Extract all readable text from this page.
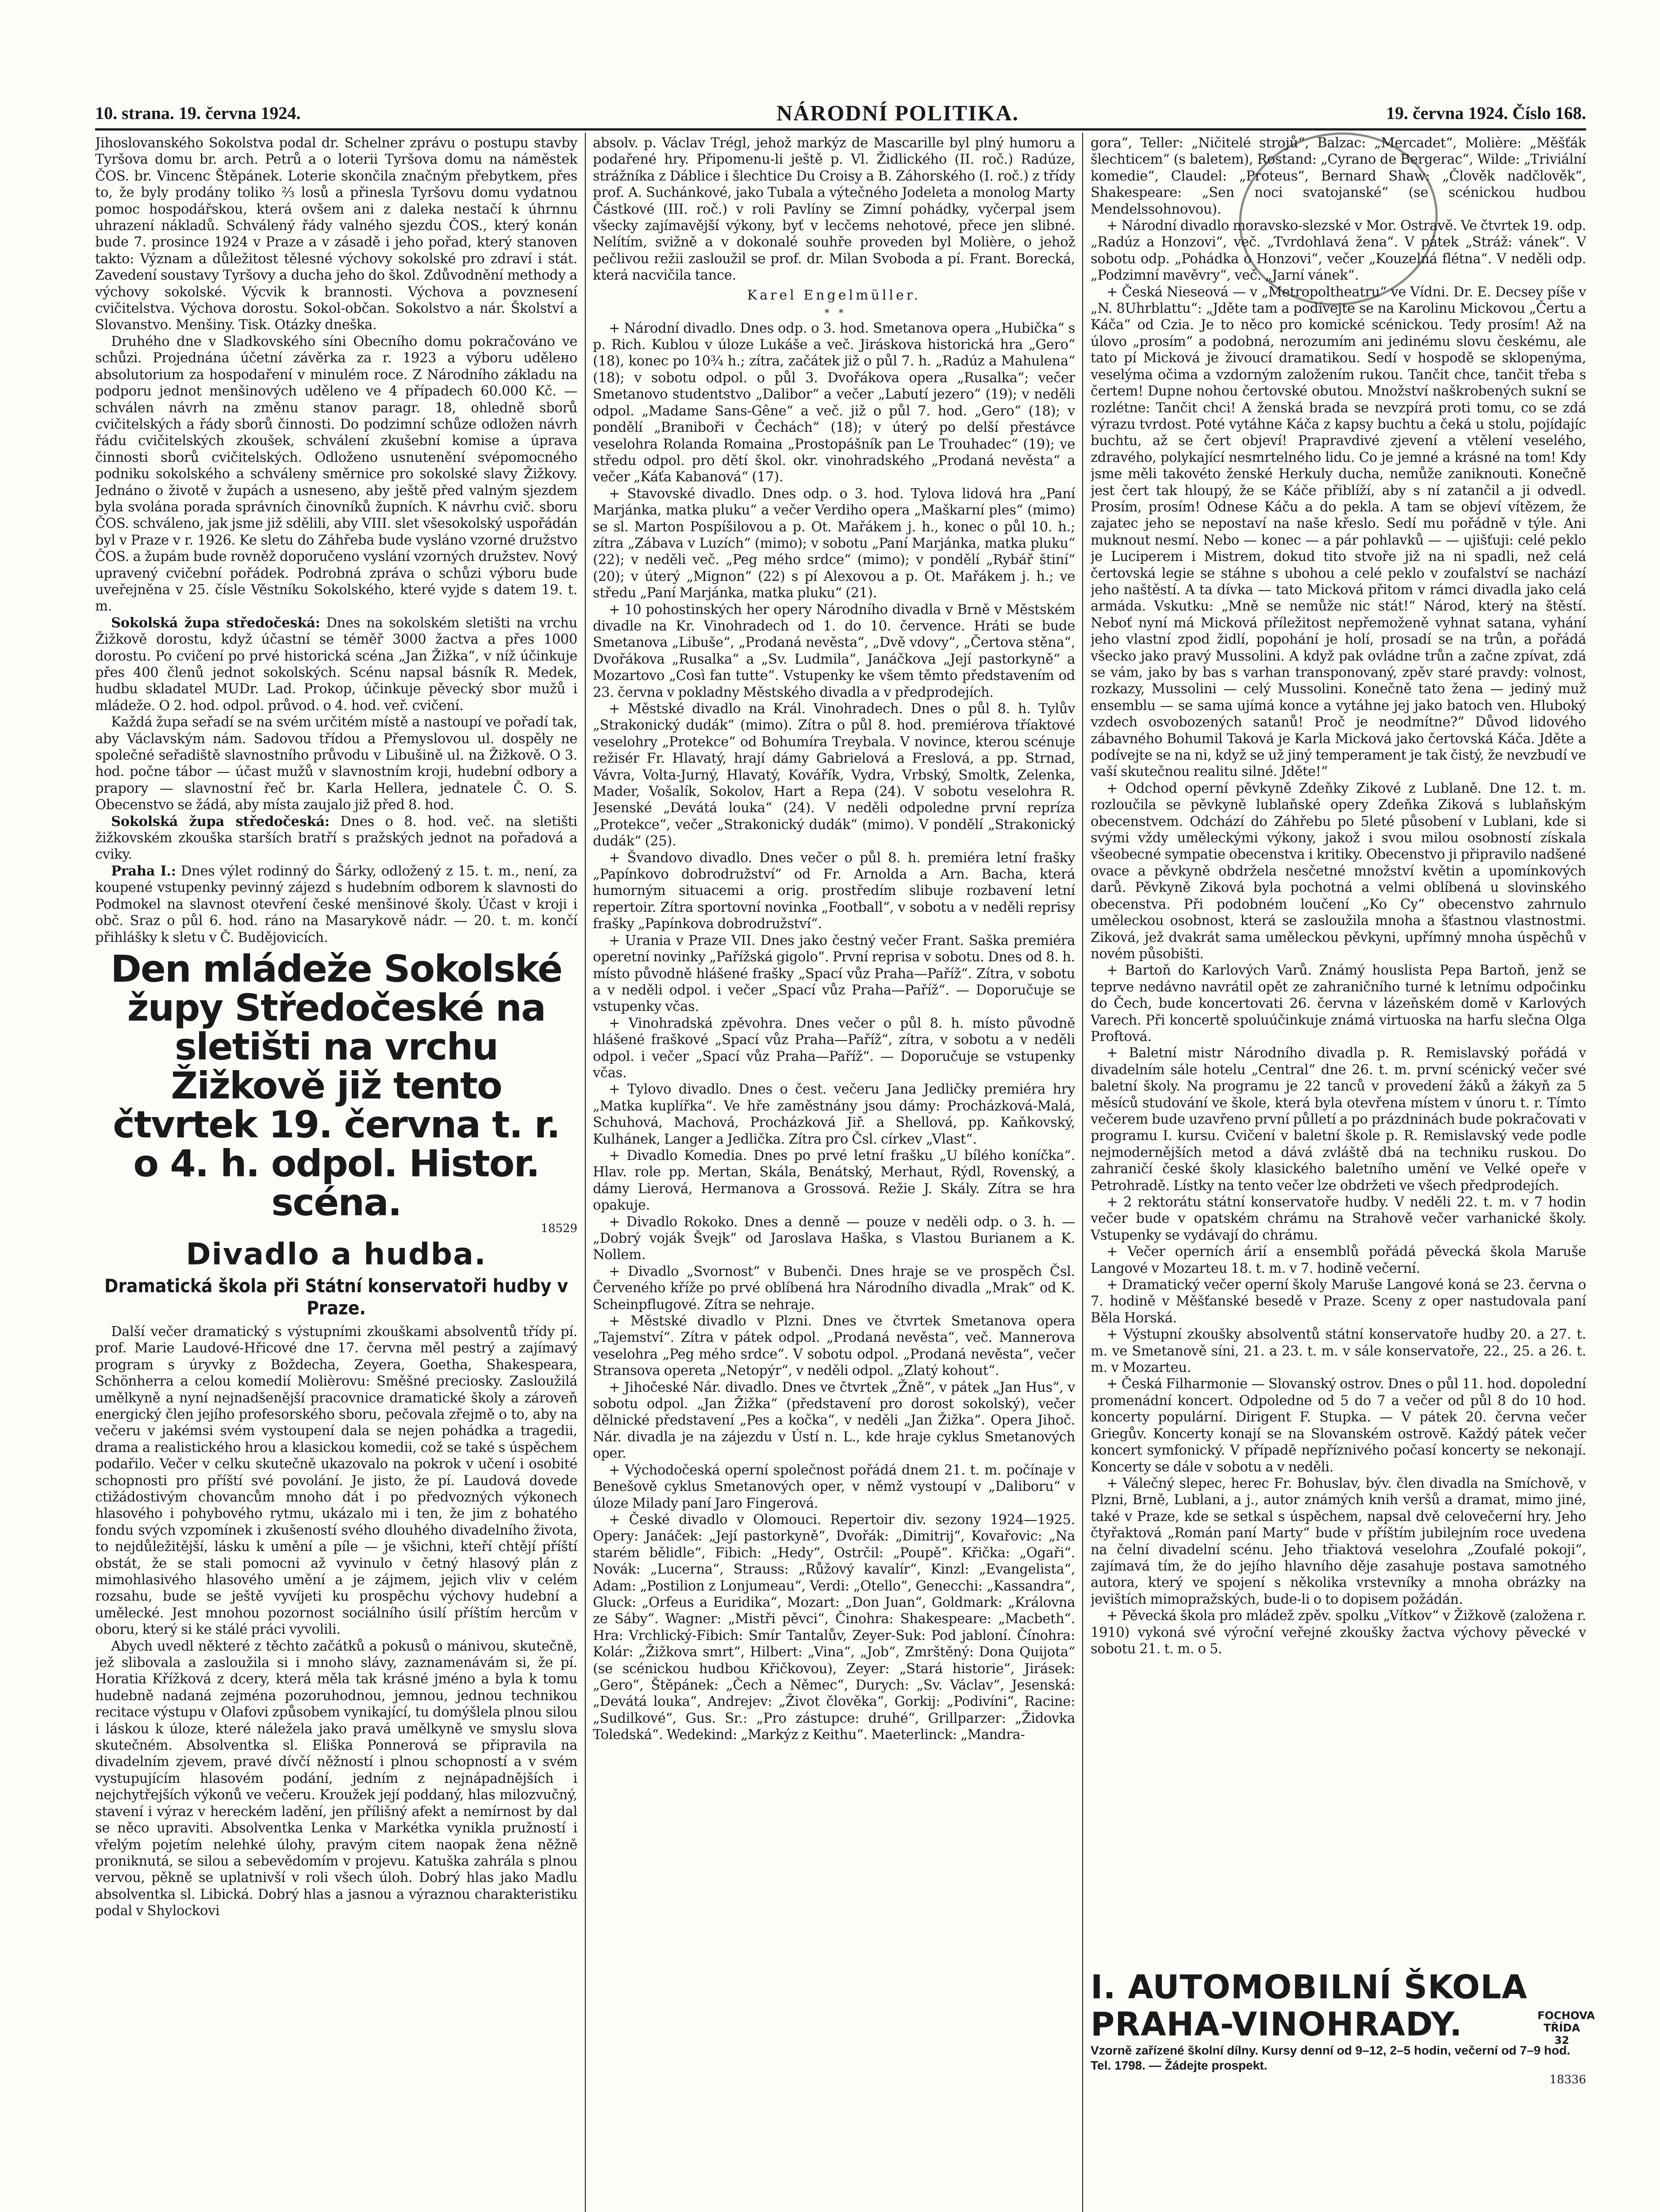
10. strana. 19. června 1924.	NÁRODNÍ POLITIKA.	19. června 1924. Číslo 168.

Jihoslovanského Sokolstva podal dr. Schelner zprávu o postupu stavby Tyršova domu br. arch. Petrů a o loterii Tyršova domu na náměstek ČOS. br. Vincenc Štěpánek. Loterie skončila značným přebytkem, přes to, že byly prodány toliko ⅔ losů a přinesla Tyršovu domu vydatnou pomoc hospodářskou, která ovšem ani z daleka nestačí k úhrnnu uhrazení nákladů. Schválený řády valného sjezdu ČOS., který konán bude 7. prosince 1924 v Praze a v zásadě i jeho pořad, který stanoven takto: Význam a důležitost tělesné výchovy sokolské pro zdraví i stát. Zavedení soustavy Tyršovy a ducha jeho do škol. Zdůvodnění methody a výchovy sokolské. Výcvik k brannosti. Výchova a povznesení cvičitelstva. Výchova dorostu. Sokol-občan. Sokolstvo a nár. Školství a Slovanstvo. Menšiny. Tisk. Otázky dneška.

Druhého dne v Sladkovského síni Obecního domu pokračováno ve schůzi. Projednána účetní závěrka za r. 1923 a výboru udělено absolutorium za hospodaření v minulém roce. Z Národního základu na podporu jednot menšinových uděleno ve 4 případech 60.000 Kč. — schválen návrh na změnu stanov paragr. 18, ohledně sborů cvičitelských a řády sborů činnosti. Do podzimní schůze odložen návrh řádu cvičitelských zkoušek, schválení zkušební komise a úprava činnosti sborů cvičitelských. Odloženo usnutenění svépomocného podniku sokolského a schváleny směrnice pro sokolské slavy Žižkovy. Jednáno o životě v župách a usneseno, aby ještě před valným sjezdem byla svolána porada správních činovníků župních. K návrhu cvič. sboru ČOS. schváleno, jak jsme již sdělili, aby VIII. slet všesokolský uspořádán byl v Praze v r. 1926. Ke sletu do Záhřeba bude vysláno vzorné družstvo ČOS. a župám bude rovněž doporučeno vyslání vzorných družstev. Nový upravený cvičební pořádek. Podrobná zpráva o schůzi výboru bude uveřejněna v 25. čísle Věstníku Sokolského, které vyjde s datem 19. t. m.

Sokolská župa středočeská: Dnes na sokolském sletišti na vrchu Žižkově dorostu, když účastní se téměř 3000 žactva a přes 1000 dorostu. Po cvičení po prvé historická scéna „Jan Žižka“, v níž účinkuje přes 400 členů jednot sokolských. Scénu napsal básník R. Medek, hudbu skladatel MUDr. Lad. Prokop, účinkuje pěvecký sbor mužů i mládeže. O 2. hod. odpol. průvod. o 4. hod. veř. cvičení.

Každá župa seřadí se na svém určitém místě a nastoupí ve pořadí tak, aby Václavským nám. Sadovou třídou a Přemyslovou ul. dospěly ne společné seřadiště slavnostního průvodu v Libušině ul. na Žižkově. O 3. hod. počne tábor — účast mužů v slavnostním kroji, hudební odbory a prapory — slavnostní řeč br. Karla Hellera, jednatele Č. O. S. Obecenstvo se žádá, aby místa zaujalo již před 8. hod.

Sokolská župa středočeská: Dnes o 8. hod. več. na sletišti žižkovském zkouška starších bratří s pražských jednot na pořadová a cviky.

Praha I.: Dnes výlet rodinný do Šárky, odložený z 15. t. m., není, za koupené vstupenky pevinný zájezd s hudebním odborem k slavnosti do Podmokel na slavnost otevření české menšinové školy. Účast v kroji i obč. Sraz o půl 6. hod. ráno na Masarykově nádr. — 20. t. m. končí přihlášky k sletu v Č. Budějovicích.

Den mládeže Sokolské župy Středočeské na sletišti na vrchu Žižkově již tento čtvrtek 19. června t. r. o 4. h. odpol. Histor. scéna.
18529
Divadlo a hudba.
Dramatická škola při Státní konservatoři hudby v Praze.

Další večer dramatický s výstupními zkouškami absolventů třídy pí. prof. Marie Laudové-Hřicové dne 17. června měl pestrý a zajímavý program s úryvky z Boždecha, Zeyera, Goetha, Shakespeara, Schönherra a celou komedií Molièrovu: Směšné preciosky. Zasloužilá umělkyně a nyní nejnadšenější pracovnice dramatické školy a zároveň energický člen jejího profesorského sboru, pečovala zřejmě o to, aby na večeru v jakémsi svém vystoupení dala se nejen pohádka a tragedii, drama a realistického hrou a klasickou komedii, což se také s úspěchem podařilo. Večer v celku skutečně ukazovalo na pokrok v učení i osobité schopnosti pro příští své povolání. Je jisto, že pí. Laudová dovede ctižádostivým chovancům mnoho dát i po předvozných výkonech hlasového i pohybového rytmu, ukázalo mi i ten, že jim z bohatého fondu svých vzpomínek i zkušeností svého dlouhého divadelního života, to nejdůležitější, lásku k umění a píle — je všichni, kteří chtějí příští obstát, že se stali pomocni až vyvinulo v četný hlasový plán z mimohlasivého hlasového umění a je zájmem, jejich vliv v celém rozsahu, bude se ještě vyvíjeti ku prospěchu výchovy hudební a umělecké. Jest mnohou pozornost sociálního úsilí příštím hercům v oboru, který si ke stálé práci vyvolili.

Abych uvedl některé z těchto začátků a pokusů o mánivou, skutečně, jež slibovala a zasloužila si i mnoho slávy, zaznamenávám si, že pí. Horatia Křížková z dcery, která měla tak krásné jméno a byla k tomu hudebně nadaná zejména pozoruhodnou, jemnou, jednou technikou recitace výstupu v Olafovi způsobem vynikající, tu domýšlela plnou silou i láskou k úloze, které náležela jako pravá umělkyně ve smyslu slova skutečném. Absolventka sl. Eliška Ponnerová se připravila na divadelním zjevem, pravé dívčí něžností i plnou schopností a v svém vystupujícím hlasovém podání, jedním z nejnápadnějších i nejchytřejších výkonů ve večeru. Kroužek její poddaný, hlas milozvučný, stavení i výraz v hereckém ladění, jen přílišný afekt a nemírnost by dal se něco upraviti. Absolventka Lenka v Markétka vynikla pružností i vřelým pojetím nelehké úlohy, pravým citem naopak žena něžně proniknutá, se silou a sebevědomím v projevu. Katuška zahrála s plnou vervou, pěkně se uplatnivší v roli všech úloh. Dobrý hlas jako Madlu absolventka sl. Libická. Dobrý hlas a jasnou a výraznou charakteristiku podal v Shylockovi

absolv. p. Václav Trégl, jehož markýz de Mascarille byl plný humoru a podařené hry. Připomenu-li ještě p. Vl. Židlického (II. roč.) Radúze, strážníka z Dáblice i šlechtice Du Croisy a B. Záhorského (I. roč.) z třídy prof. A. Suchánkové, jako Tubala a výtečného Jodeleta a monolog Marty Částkové (III. roč.) v roli Pavlíny se Zimní pohádky, vyčerpal jsem všecky zajímavější výkony, byť v lecčems nehotové, přece jen slibné. Nelítím, svižně a v dokonalé souhře proveden byl Molière, o jehož pečlivou režii zasloužil se prof. dr. Milan Svoboda a pí. Frant. Borecká, která nacvičila tance.

Karel Engelmüller.
*   *

+ Národní divadlo. Dnes odp. o 3. hod. Smetanova opera „Hubička“ s p. Rich. Kublou v úloze Lukáše a več. Jiráskova historická hra „Gero“ (18), konec po 10¾ h.; zítra, začátek již o půl 7. h. „Radúz a Mahulena“ (18); v sobotu odpol. o půl 3. Dvořákova opera „Rusalka“; večer Smetanovo studentstvo „Dalibor“ a večer „Labutí jezero“ (19); v neděli odpol. „Madame Sans-Gêne“ a več. již o půl 7. hod. „Gero“ (18); v pondělí „Braniboři v Čechách“ (18); v úterý po delší přestávce veselohra Rolanda Romaina „Prostopášník pan Le Trouhadec“ (19); ve středu odpol. pro dětí škol. okr. vinohradského „Prodaná nevěsta“ a večer „Káťa Kabanová“ (17).

+ Stavovské divadlo. Dnes odp. o 3. hod. Tylova lidová hra „Paní Marjánka, matka pluku“ a večer Verdiho opera „Maškarní ples“ (mimo) se sl. Marton Pospíšilovou a p. Ot. Mařákem j. h., konec o půl 10. h.; zítra „Zábava v Luzích“ (mimo); v sobotu „Paní Marjánka, matka pluku“ (22); v neděli več. „Peg mého srdce“ (mimo); v pondělí „Rybář štiní“ (20); v úterý „Mignon“ (22) s pí Alexovou a p. Ot. Mařákem j. h.; ve středu „Paní Marjánka, matka pluku“ (21).

+ 10 pohostinských her opery Národního divadla v Brně v Městském divadle na Kr. Vinohradech od 1. do 10. července. Hráti se bude Smetanova „Libuše“, „Prodaná nevěsta“, „Dvě vdovy“, „Čertova stěna“, Dvořákova „Rusalka“ a „Sv. Ludmila“, Janáčkova „Její pastorkyně“ a Mozartovo „Così fan tutte“. Vstupenky ke všem těmto představením od 23. června v pokladny Městského divadla a v předprodejích.

+ Městské divadlo na Král. Vinohradech. Dnes o půl 8. h. Tylův „Strakonický dudák“ (mimo). Zítra o půl 8. hod. premiérova tříaktové veselohry „Protekce“ od Bohumíra Treybala. V novince, kterou scénuje režisér Fr. Hlavatý, hrají dámy Gabrielová a Freslová, a pp. Strnad, Vávra, Volta-Jurný, Hlavatý, Kovářík, Vydra, Vrbský, Smoltk, Zelenka, Mader, Vošalík, Sokolov, Hart a Repa (24). V sobotu veselohra R. Jesenské „Devátá louka“ (24). V neděli odpoledne první repríza „Protekce“, večer „Strakonický dudák“ (mimo). V pondělí „Strakonický dudák“ (25).

+ Švandovo divadlo. Dnes večer o půl 8. h. premiéra letní frašky „Papínkovo dobrodružství“ od Fr. Arnolda a Arn. Bacha, která humorným situacemi a orig. prostředím slibuje rozbavení letní repertoir. Zítra sportovní novinka „Football“, v sobotu a v neděli reprisy frašky „Papínkova dobrodružství“.

+ Urania v Praze VII. Dnes jako čestný večer Frant. Saška premiéra operetní novinky „Pařížská gigolo“. První reprisa v sobotu. Dnes od 8. h. místo původně hlášené frašky „Spací vůz Praha—Paříž“. Zítra, v sobotu a v neděli odpol. i večer „Spací vůz Praha—Paříž“. — Doporučuje se vstupenky včas.

+ Vinohradská zpěvohra. Dnes večer o půl 8. h. místo původně hlášené fraškové „Spací vůz Praha—Paříž“, zítra, v sobotu a v neděli odpol. i večer „Spací vůz Praha—Paříž“. — Doporučuje se vstupenky včas.

+ Tylovo divadlo. Dnes o čest. večeru Jana Jedličky premiéra hry „Matka kuplířka“. Ve hře zaměstnány jsou dámy: Procházková-Malá, Schuhová, Machová, Procházková Jiř. a Shellová, pp. Kaňkovský, Kulhánek, Langer a Jedlička. Zítra pro Čsl. církev „Vlast“.

+ Divadlo Komedia. Dnes po prvé letní frašku „U bílého koníčka“. Hlav. role pp. Mertan, Skála, Benátský, Merhaut, Rýdl, Rovenský, a dámy Lierová, Hermanova a Grossová. Režie J. Skály. Zítra se hra opakuje.

+ Divadlo Rokoko. Dnes a denně — pouze v neděli odp. o 3. h. — „Dobrý voják Švejk“ od Jaroslava Haška, s Vlastou Burianem a K. Nollem.

+ Divadlo „Svornost“ v Bubenči. Dnes hraje se ve prospěch Čsl. Červeného kříže po prvé oblíbená hra Národního divadla „Mrak“ od K. Scheinpflugové. Zítra se nehraje.

+ Městské divadlo v Plzni. Dnes ve čtvrtek Smetanova opera „Tajemství“. Zítra v pátek odpol. „Prodaná nevěsta“, več. Mannerova veselohra „Peg mého srdce“. V sobotu odpol. „Prodaná nevěsta“, večer Stransova opereta „Netopýr“, v neděli odpol. „Zlatý kohout“.

+ Jihočeské Nár. divadlo. Dnes ve čtvrtek „Žně“, v pátek „Jan Hus“, v sobotu odpol. „Jan Žižka“ (představení pro dorost sokolský), večer dělnické představení „Pes a kočka“, v neděli „Jan Žižka“. Opera Jihoč. Nár. divadla je na zájezdu v Ústí n. L., kde hraje cyklus Smetanových oper.

+ Východočeská operní společnost pořádá dnem 21. t. m. počínaje v Benešově cyklus Smetanových oper, v němž vystoupí v „Daliboru“ v úloze Milady paní Jaro Fingerová.

+ České divadlo v Olomouci. Repertoir div. sezony 1924—1925. Opery: Janáček: „Její pastorkyně“, Dvořák: „Dimitrij“, Kovařovic: „Na starém bělidle“, Fibich: „Hedy“, Ostrčil: „Poupě“. Křička: „Ogaři“. Novák: „Lucerna“, Strauss: „Růžový kavalír“, Kinzl: „Evangelista“, Adam: „Postilion z Lonjumeau“, Verdi: „Otello“, Genecchi: „Kassandra“, Gluck: „Orfeus a Euridika“, Mozart: „Don Juan“, Goldmark: „Královna ze Sáby“. Wagner: „Mistři pěvci“, Činohra: Shakespeare: „Macbeth“. Hra: Vrchlický-Fibich: Smír Tantalův, Zeyer-Suk: Pod jabloní. Čínohra: Kolár: „Žižkova smrt“, Hilbert: „Vina“, „Job“, Zmrštěný: Dona Quijota“ (se scénickou hudbou Křičkovou), Zeyer: „Stará historie“, Jirásek: „Gero“, Štěpánek: „Čech a Němec“, Durych: „Sv. Václav“, Jesenská: „Devátá louka“, Andrejev: „Život člověka“, Gorkij: „Podivíni“, Racine: „Sudilkové“, Gus. Sr.: „Pro zástupce: druhé“, Grillparzer: „Židovka Toledská“. Wedekind: „Markýz z Keithu“. Maeterlinck: „Mandra-

gora“, Teller: „Ničitelé strojů“, Balzac: „Mercadet“, Molière: „Měšťák šlechticem“ (s baletem), Rostand: „Cyrano de Bergerac“, Wilde: „Triviální komedie“, Claudel: „Proteus“, Bernard Shaw: „Člověk nadčlověk“, Shakespeare: „Sen noci svatojanské“ (se scénickou hudbou Mendelssohnovou).

+ Národní divadlo moravsko-slezské v Mor. Ostravě. Ve čtvrtek 19. odp. „Radúz a Honzovi“, več. „Tvrdohlavá žena“. V pátek „Stráž: vánek“. V sobotu odp. „Pohádka o Honzovi“, večer „Kouzelná flétna“. V neděli odp. „Podzimní mavěvry“, več. „Jarní vánek“.

+ Česká Nieseová — v „Metropoltheatru“ ve Vídni. Dr. E. Decsey píše v „N. 8Uhrblattu“: „Jděte tam a podívejte se na Karolinu Mickovou „Čertu a Káča“ od Czia. Je to něco pro komické scénickou. Tedy prosím! Až na úlovo „prosím“ a podobná, nerozumím ani jedinému slovu českému, ale tato pí Micková je živoucí dramatikou. Sedí v hospodě se sklopenýma, veselýma očima a vzdorným založením rukou. Tančit chce, tančit třeba s čertem! Dupne nohou čertovské obutou. Množství naškrobených sukní se rozlétne: Tančit chci! A ženská brada se nevzpírá proti tomu, co se zdá výrazu tvrdost. Poté vytáhne Káča z kapsy buchtu a čeká u stolu, pojídajíc buchtu, až se čert objeví! Prapravdivé zjevení a vtělení veselého, zdravého, polykající nesmrtelného lidu. Co je jemné a krásné na tom! Kdy jsme měli takovéto ženské Herkuly ducha, nemůže zaniknouti. Konečně jest čert tak hloupý, že se Káče přiblíží, aby s ní zatančil a ji odvedl. Prosím, prosím! Odnese Káču a do pekla. A tam se objeví vítězem, že zajatec jeho se nepostaví na naše křeslo. Sedí mu pořádně v týle. Ani muknout nesmí. Nebo — konec — a pár pohlavků — — ujišťuji: celé peklo je Luciperem i Mistrem, dokud tito stvoře již na ni spadli, než celá čertovská legie se stáhne s ubohou a celé peklo v zoufalství se nachází jeho naštěstí. A ta dívka — tato Micková přitom v rámci divadla jako celá armáda. Vskutku: „Mně se nemůže nic stát!“ Národ, který na štěstí. Neboť nyní má Micková příležitost nepřemoženě vyhnat satana, vyhání jeho vlastní zpod židlí, popohání je holí, prosadí se na trůn, a pořádá všecko jako pravý Mussolini. A když pak ovládne trůn a začne zpívat, zdá se vám, jako by bas s varhan transponovaný, zpěv staré pravdy: volnost, rozkazy, Mussolini — celý Mussolini. Konečně tato žena — jediný muž ensemblu — se sama ujímá konce a vytáhne jej jako batoch ven. Hluboký vzdech osvobozených satanů! Proč je neodmítne?“ Důvod lidového zábavného Bohumil Taková je Karla Micková jako čertovská Káča. Jděte a podívejte se na ni, když se už jiný temperament je tak čistý, že nevzbudí ve vaší skutečnou realitu silné. Jděte!“

+ Odchod operní pěvkyně Zdeňky Zikové z Lublaně. Dne 12. t. m. rozloučila se pěvkyně lublaňské opery Zdeňka Ziková s lublaňským obecenstvem. Odchází do Záhřebu po 5leté působení v Lublani, kde si svými vždy uměleckými výkony, jakož i svou milou osobností získala všeobecné sympatie obecenstva i kritiky. Obecenstvo ji připravilo nadšené ovace a pěvkyně obdržela nesčetné množství květin a upomínkových darů. Pěvkyně Ziková byla pochotná a velmi oblíbená u slovinského obecenstva. Při podobném loučení „Ko Cy“ obecenstvo zahrnulo uměleckou osobnost, která se zasloužila mnoha a šťastnou vlastnostmi. Ziková, jež dvakrát sama uměleckou pěvkyni, upřímný mnoha úspěchů v novém působišti.

+ Bartoň do Karlových Varů. Známý houslista Pepa Bartoň, jenž se teprve nedávno navrátil opět ze zahraničního turné k letnímu odpočinku do Čech, bude koncertovati 26. června v lázeňském domě v Karlových Varech. Při koncertě spoluúčinkuje známá virtuoska na harfu slečna Olga Proftová.

+ Baletní mistr Národního divadla p. R. Remislavský pořádá v divadelním sále hotelu „Central“ dne 26. t. m. první scénický večer své baletní školy. Na programu je 22 tanců v provedení žáků a žákyň za 5 měsíců studování ve škole, která byla otevřena místem v únoru t. r. Tímto večerem bude uzavřeno první půlletí a po prázdninách bude pokračovati v programu I. kursu. Cvičení v baletní škole p. R. Remislavský vede podle nejmodernějších metod a dává zvláště dbá na techniku ruskou. Do zahraničí české školy klasického baletního umění ve Velké opeře v Petrohradě. Lístky na tento večer lze obdržeti ve všech předprodejích.

+ 2 rektorátu státní konservatoře hudby. V neděli 22. t. m. v 7 hodin večer bude v opatském chrámu na Strahově večer varhanické školy. Vstupenky se vydávají do chrámu.

+ Večer operních árií a ensemblů pořádá pěvecká škola Maruše Langové v Mozarteu 18. t. m. v 7. hodině večerní.

+ Dramatický večer operní školy Maruše Langové koná se 23. června o 7. hodině v Měšťanské besedě v Praze. Sceny z oper nastudovala paní Běla Horská.

+ Výstupní zkoušky absolventů státní konservatoře hudby 20. a 27. t. m. ve Smetanově síni, 21. a 23. t. m. v sále konservatoře, 22., 25. a 26. t. m. v Mozarteu.

+ Česká Filharmonie — Slovanský ostrov. Dnes o půl 11. hod. dopolední promenádní koncert. Odpoledne od 5 do 7 a večer od půl 8 do 10 hod. koncerty populární. Dirigent F. Stupka. — V pátek 20. června večer Griegův. Koncerty konají se na Slovanském ostrově. Každý pátek večer koncert symfonický. V případě nepříznivého počasí koncerty se nekonají. Koncerty se dále v sobotu a v neděli.

+ Válečný slepec, herec Fr. Bohuslav, býv. člen divadla na Smíchově, v Plzni, Brně, Lublani, a j., autor známých knih veršů a dramat, mimo jiné, také v Praze, kde se setkal s úspěchem, napsal dvě celovečerní hry. Jeho čtyřaktová „Román paní Marty“ bude v příštím jubilejním roce uvedena na čelní divadelní scénu. Jeho třiaktová veselohra „Zoufalé pokoji“, zajímavá tím, že do jejího hlavního děje zasahuje postava samotného autora, který ve spojení s několika vrstevníky a mnoha obrázky na jevištích mimopražských, bude-li o to dopisem požádán.

+ Pěvecká škola pro mládež zpěv. spolku „Vítkov“ v Žižkově (založena r. 1910) vykoná své výroční veřejné zkoušky žactva výchovy pěvecké v sobotu 21. t. m. o 5.

I. AUTOMOBILNÍ ŠKOLA
PRAHA-VINOHRADY.	FOCHOVA TŘÍDA 32
Vzorně zařízené školní dílny. Kursy denní od 9–12, 2–5 hodin, večerní od 7–9 hod. Tel. 1798. — Žádejte prospekt.
18336
